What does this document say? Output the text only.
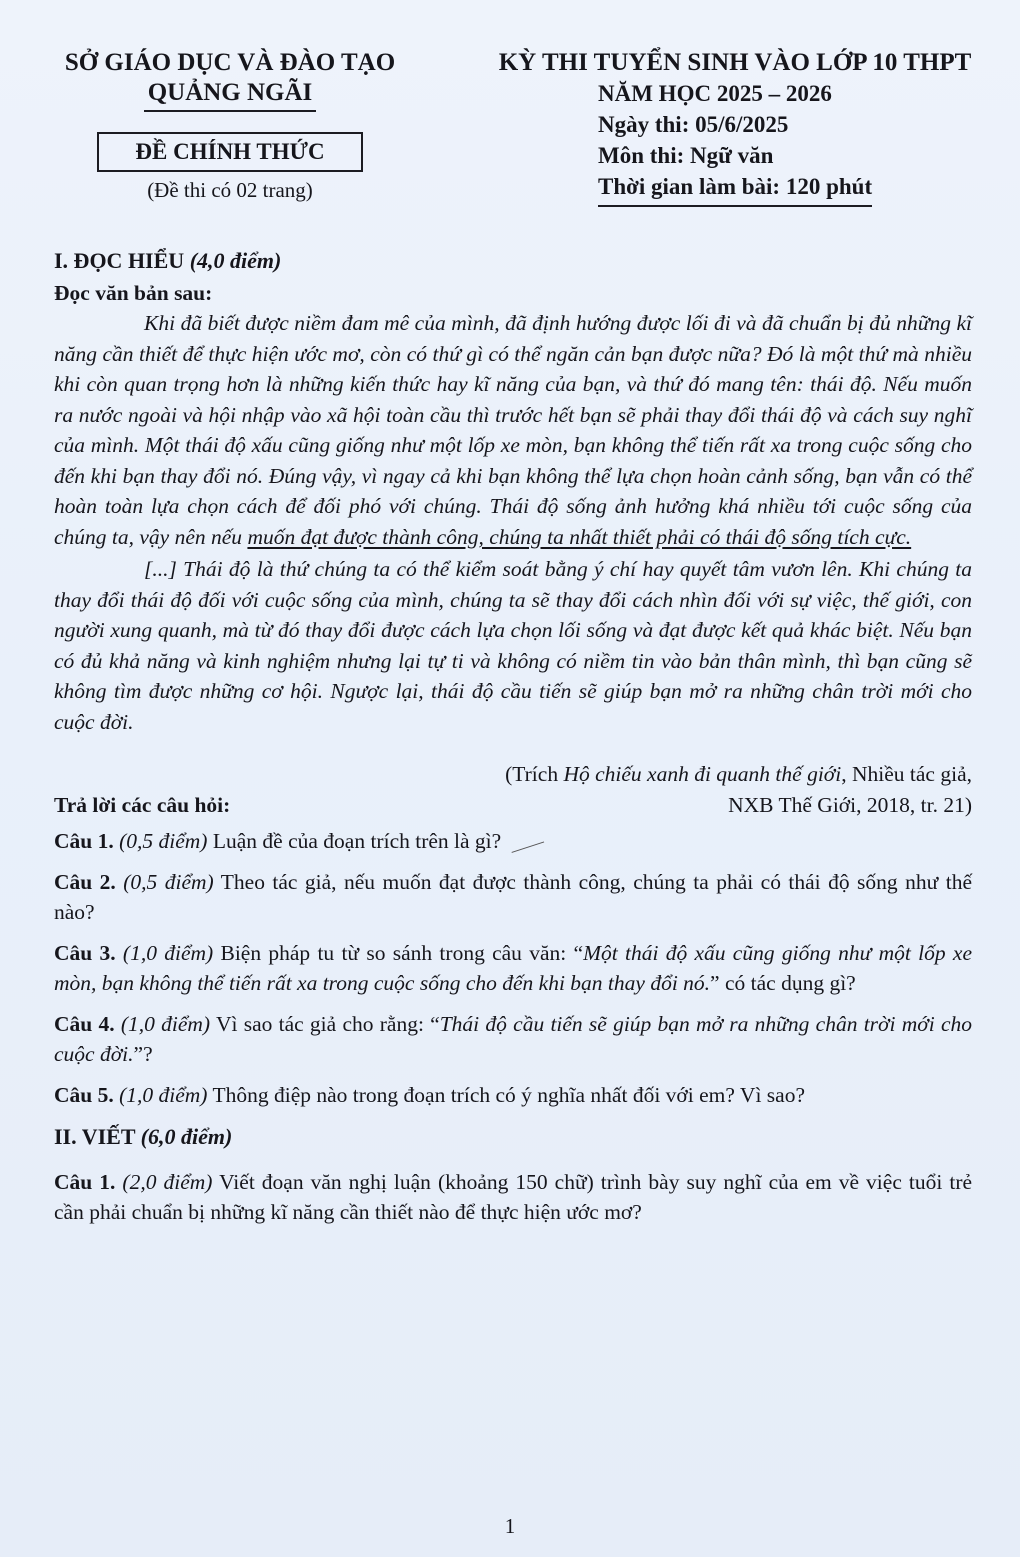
SỞ GIÁO DỤC VÀ ĐÀO TẠO
QUẢNG NGÃI
ĐỀ CHÍNH THỨC
(Đề thi có 02 trang)
KỲ THI TUYỂN SINH VÀO LỚP 10 THPT
NĂM HỌC 2025 – 2026
Ngày thi: 05/6/2025
Môn thi: Ngữ văn
Thời gian làm bài: 120 phút
I. ĐỌC HIỂU (4,0 điểm)
Đọc văn bản sau:

Khi đã biết được niềm đam mê của mình, đã định hướng được lối đi và đã chuẩn bị đủ những kĩ năng cần thiết để thực hiện ước mơ, còn có thứ gì có thể ngăn cản bạn được nữa? Đó là một thứ mà nhiều khi còn quan trọng hơn là những kiến thức hay kĩ năng của bạn, và thứ đó mang tên: thái độ. Nếu muốn ra nước ngoài và hội nhập vào xã hội toàn cầu thì trước hết bạn sẽ phải thay đổi thái độ và cách suy nghĩ của mình. Một thái độ xấu cũng giống như một lốp xe mòn, bạn không thể tiến rất xa trong cuộc sống cho đến khi bạn thay đổi nó. Đúng vậy, vì ngay cả khi bạn không thể lựa chọn hoàn cảnh sống, bạn vẫn có thể hoàn toàn lựa chọn cách để đối phó với chúng. Thái độ sống ảnh hưởng khá nhiều tới cuộc sống của chúng ta, vậy nên nếu muốn đạt được thành công, chúng ta nhất thiết phải có thái độ sống tích cực.

[...] Thái độ là thứ chúng ta có thể kiểm soát bằng ý chí hay quyết tâm vươn lên. Khi chúng ta thay đổi thái độ đối với cuộc sống của mình, chúng ta sẽ thay đổi cách nhìn đối với sự việc, thế giới, con người xung quanh, mà từ đó thay đổi được cách lựa chọn lối sống và đạt được kết quả khác biệt. Nếu bạn có đủ khả năng và kinh nghiệm nhưng lại tự ti và không có niềm tin vào bản thân mình, thì bạn cũng sẽ không tìm được những cơ hội. Ngược lại, thái độ cầu tiến sẽ giúp bạn mở ra những chân trời mới cho cuộc đời.

(Trích Hộ chiếu xanh đi quanh thế giới, Nhiều tác giả,
Trả lời các câu hỏi:	NXB Thế Giới, 2018, tr. 21)
Câu 1. (0,5 điểm) Luận đề của đoạn trích trên là gì?
Câu 2. (0,5 điểm) Theo tác giả, nếu muốn đạt được thành công, chúng ta phải có thái độ sống như thế nào?
Câu 3. (1,0 điểm) Biện pháp tu từ so sánh trong câu văn: “Một thái độ xấu cũng giống như một lốp xe mòn, bạn không thể tiến rất xa trong cuộc sống cho đến khi bạn thay đổi nó.” có tác dụng gì?
Câu 4. (1,0 điểm) Vì sao tác giả cho rằng: “Thái độ cầu tiến sẽ giúp bạn mở ra những chân trời mới cho cuộc đời.”?
Câu 5. (1,0 điểm) Thông điệp nào trong đoạn trích có ý nghĩa nhất đối với em? Vì sao?
II. VIẾT (6,0 điểm)
Câu 1. (2,0 điểm) Viết đoạn văn nghị luận (khoảng 150 chữ) trình bày suy nghĩ của em về việc tuổi trẻ cần phải chuẩn bị những kĩ năng cần thiết nào để thực hiện ước mơ?
1
